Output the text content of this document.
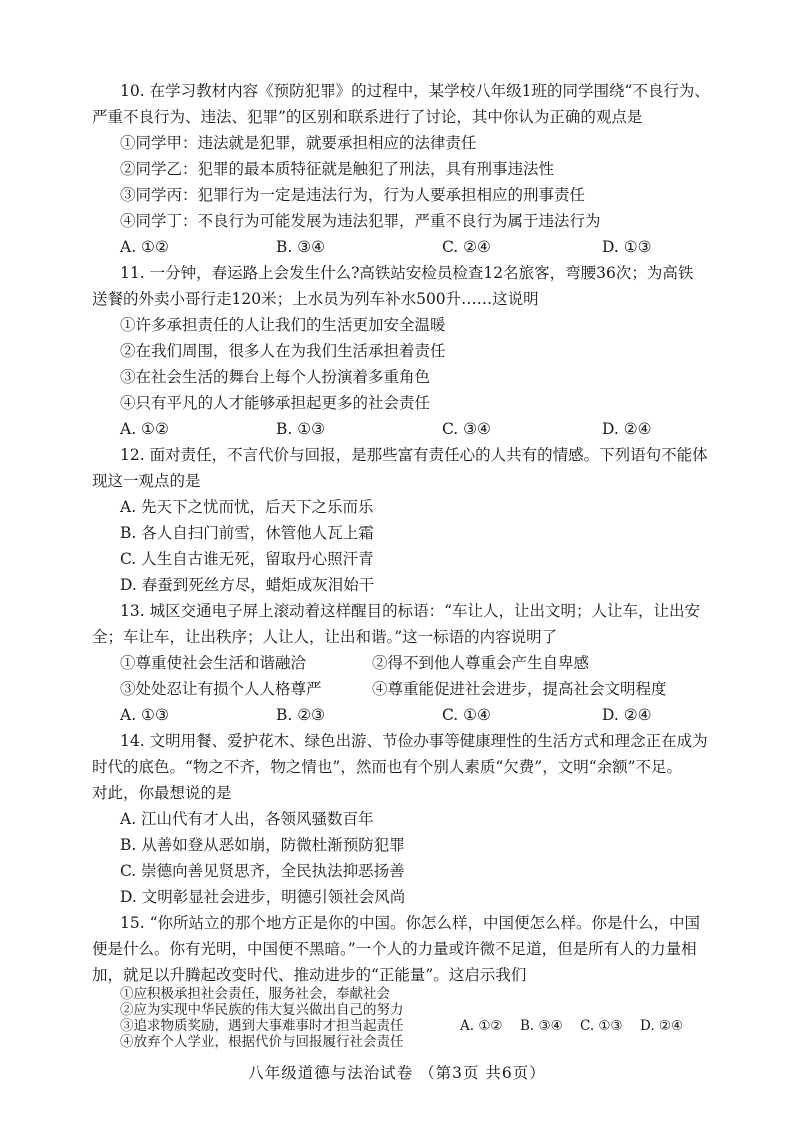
10. 在学习教材内容《预防犯罪》的过程中，某学校八年级1班的同学围绕“不良行为、
严重不良行为、违法、犯罪”的区别和联系进行了讨论，其中你认为正确的观点是
①同学甲：违法就是犯罪，就要承担相应的法律责任
②同学乙：犯罪的最本质特征就是触犯了刑法，具有刑事违法性
③同学丙：犯罪行为一定是违法行为，行为人要承担相应的刑事责任
④同学丁：不良行为可能发展为违法犯罪，严重不良行为属于违法行为
A. ①②	B. ③④	C. ②④	D. ①③
11. 一分钟，春运路上会发生什么?高铁站安检员检查12名旅客，弯腰36次；为高铁
送餐的外卖小哥行走120米；上水员为列车补水500升……这说明
①许多承担责任的人让我们的生活更加安全温暖
②在我们周围，很多人在为我们生活承担着责任
③在社会生活的舞台上每个人扮演着多重角色
④只有平凡的人才能够承担起更多的社会责任
A. ①②	B. ①③	C. ③④	D. ②④
12. 面对责任，不言代价与回报，是那些富有责任心的人共有的情感。下列语句不能体
现这一观点的是
A. 先天下之忧而忧，后天下之乐而乐
B. 各人自扫门前雪，休管他人瓦上霜
C. 人生自古谁无死，留取丹心照汗青
D. 春蚕到死丝方尽，蜡炬成灰泪始干
13. 城区交通电子屏上滚动着这样醒目的标语：“车让人，让出文明；人让车，让出安
全；车让车，让出秩序；人让人，让出和谐。”这一标语的内容说明了
①尊重使社会生活和谐融洽	②得不到他人尊重会产生自卑感
③处处忍让有损个人人格尊严	④尊重能促进社会进步，提高社会文明程度
A. ①③	B. ②③	C. ①④	D. ②④
14. 文明用餐、爱护花木、绿色出游、节俭办事等健康理性的生活方式和理念正在成为
时代的底色。“物之不齐，物之情也”，然而也有个别人素质“欠费”，文明“余额”不足。
对此，你最想说的是
A. 江山代有才人出，各领风骚数百年
B. 从善如登从恶如崩，防微杜渐预防犯罪
C. 崇德向善见贤思齐，全民执法抑恶扬善
D. 文明彰显社会进步，明德引领社会风尚
15. “你所站立的那个地方正是你的中国。你怎么样，中国便怎么样。你是什么，中国
便是什么。你有光明，中国便不黑暗。”一个人的力量或许微不足道，但是所有人的力量相
加，就足以升腾起改变时代、推动进步的“正能量”。这启示我们
①应积极承担社会责任，服务社会，奉献社会
②应为实现中华民族的伟大复兴做出自己的努力
③追求物质奖励，遇到大事难事时才担当起责任
④放弃个人学业，根据代价与回报履行社会责任
A. ①② B. ③④ C. ①③ D. ②④
八年级道德与法治试卷 （第3页 共6页）
